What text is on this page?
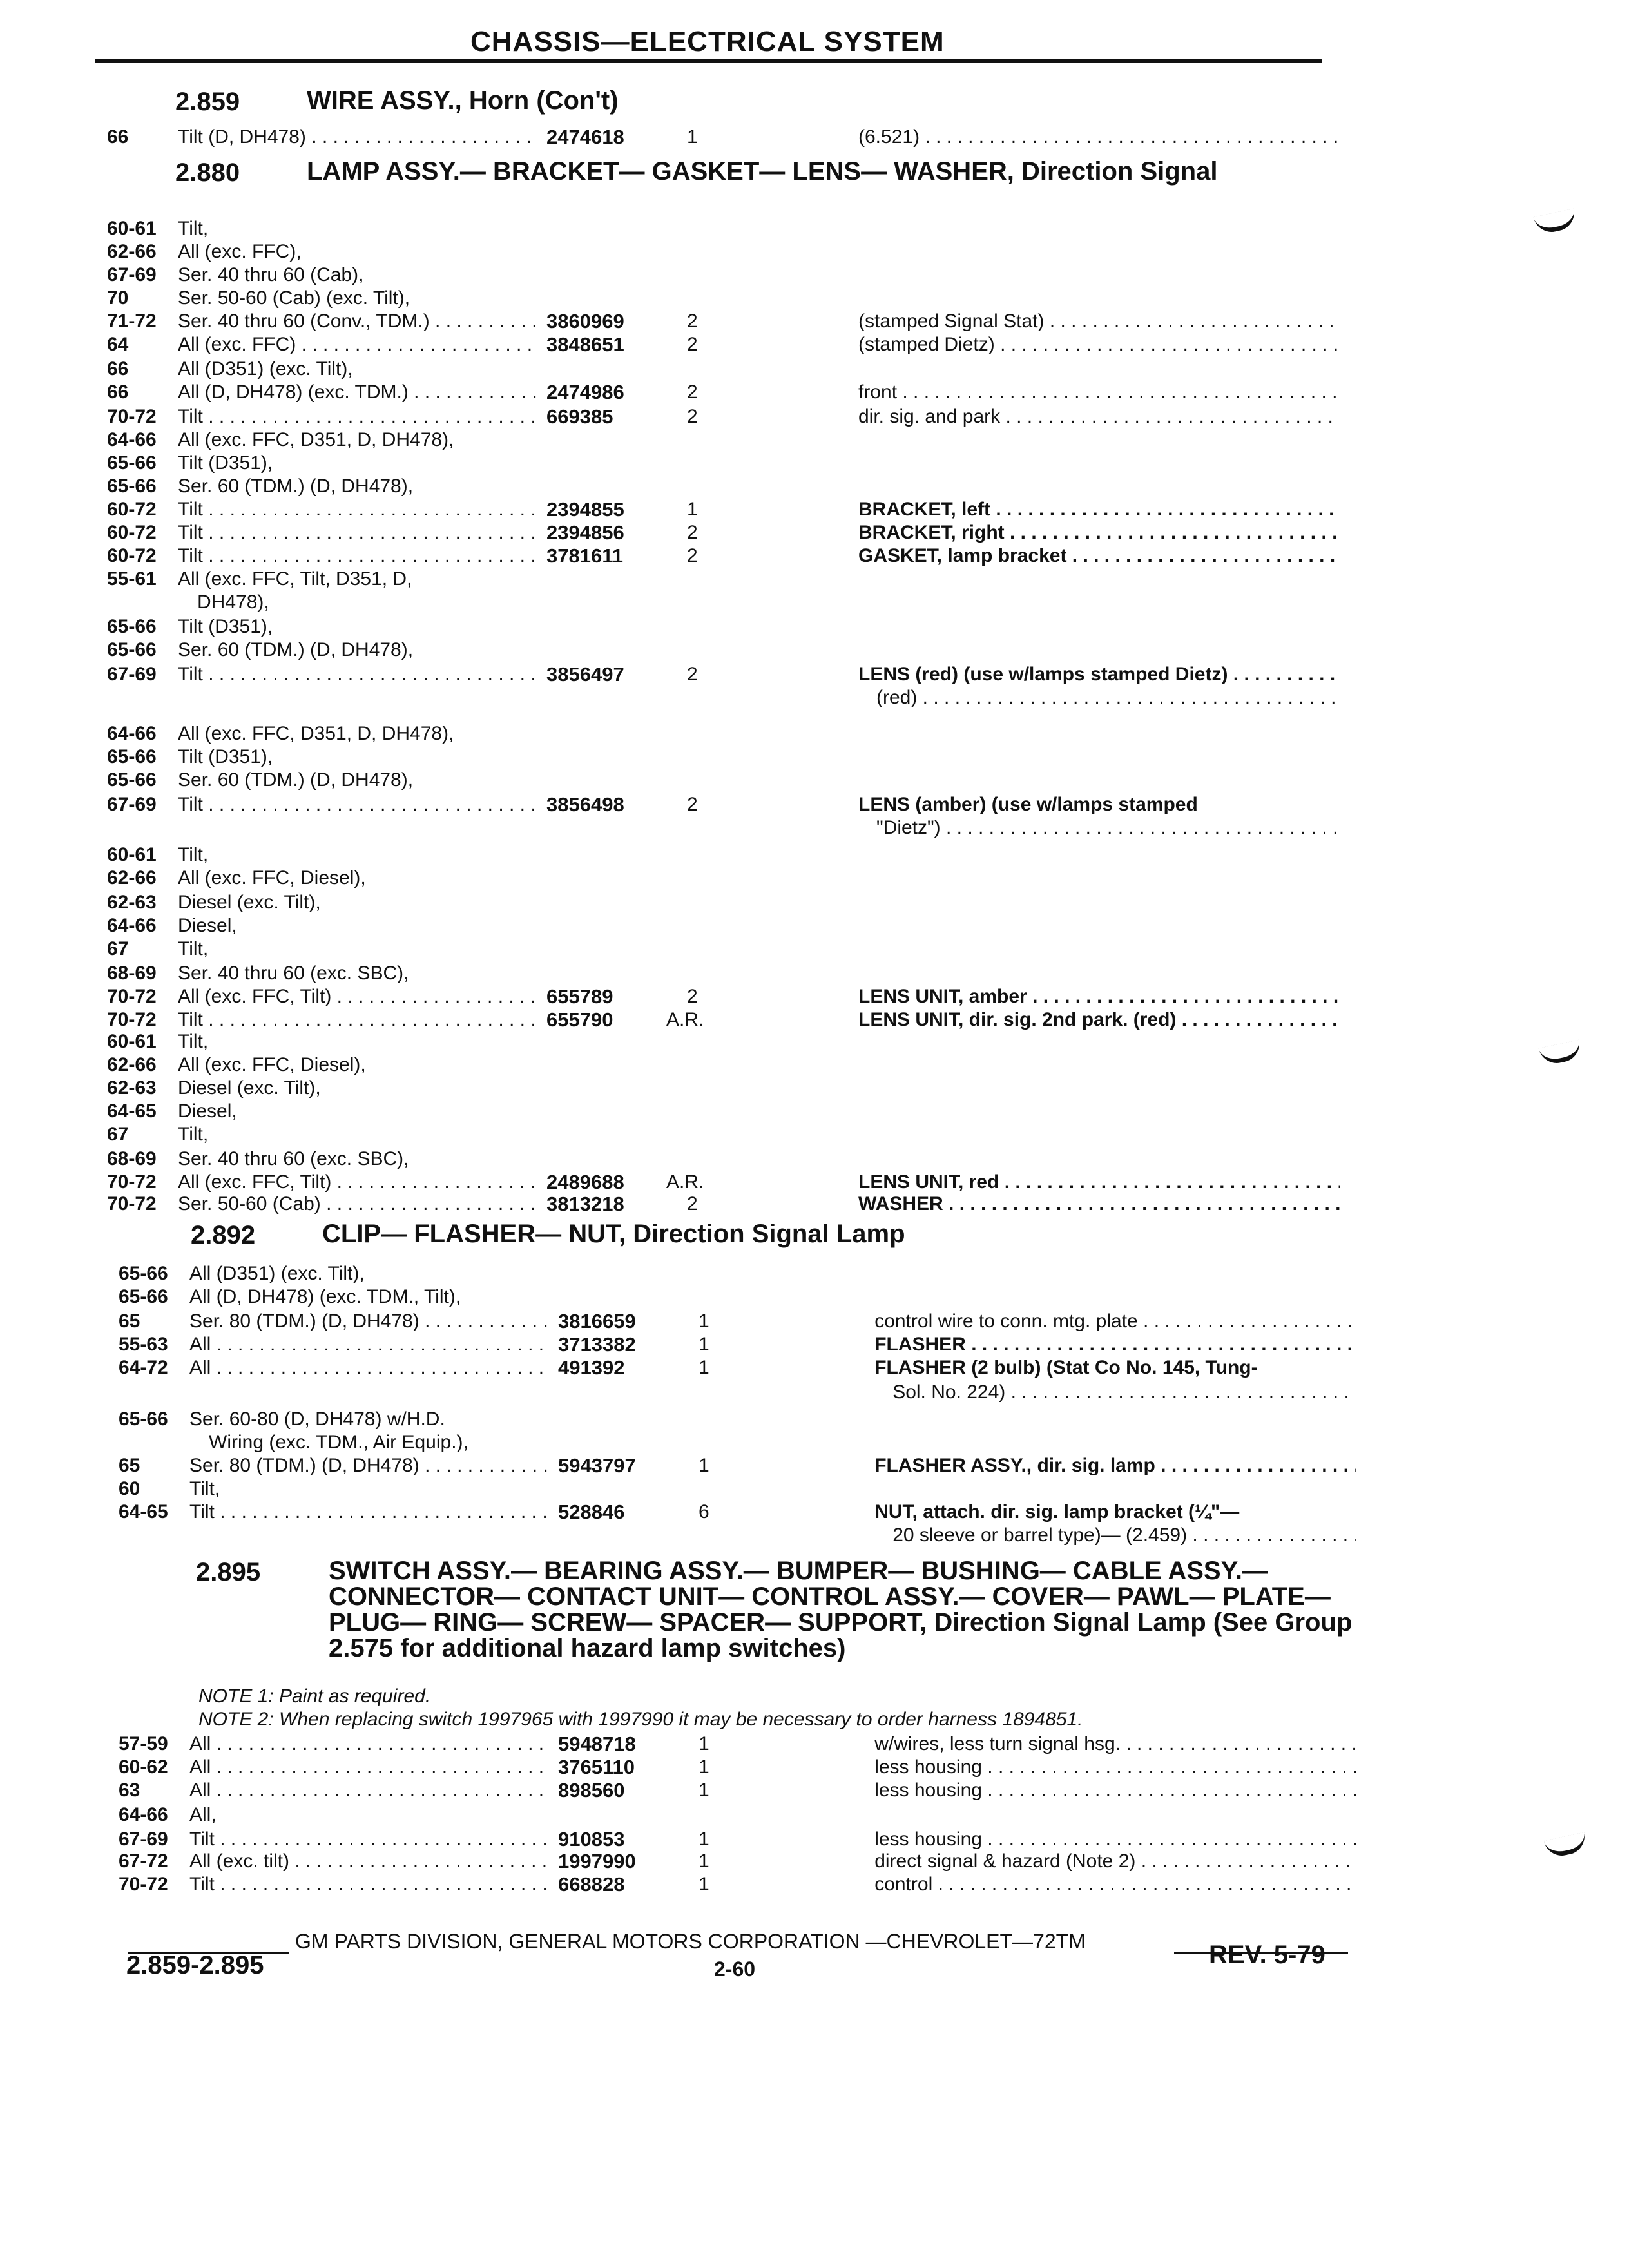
CHASSIS—ELECTRICAL SYSTEM
2.859	WIRE ASSY., Horn (Con't)
2.880	LAMP ASSY.— BRACKET— GASKET— LENS— WASHER, Direction Signal
2.892	CLIP— FLASHER— NUT, Direction Signal Lamp
2.895	SWITCH ASSY.— BEARING ASSY.— BUMPER— BUSHING— CABLE ASSY.— CONNECTOR— CONTACT UNIT— CONTROL ASSY.— COVER— PAWL— PLATE— PLUG— RING— SCREW— SPACER— SUPPORT, Direction Signal Lamp (See Group 2.575 for additional hazard lamp switches)
NOTE 1: Paint as required.
NOTE 2: When replacing switch 1997965 with 1997990 it may be necessary to order harness 1894851.
66	Tilt (D, DH478) . . .	2474618	1	(6.521) . . .
60-61	Tilt,
62-66	All (exc. FFC),
67-69	Ser. 40 thru 60 (Cab),
70	Ser. 50-60 (Cab) (exc. Tilt),
71-72	Ser. 40 thru 60 (Conv., TDM.) . . .	3860969	2	(stamped Signal Stat) . . .
64	All (exc. FFC) . . .	3848651	2	(stamped Dietz) . . .
66	All (D351) (exc. Tilt),
66	All (D, DH478) (exc. TDM.) . . .	2474986	2	front . . .
70-72	Tilt . . .	669385	2	dir. sig. and park . . .
64-66	All (exc. FFC, D351, D, DH478),
65-66	Tilt (D351),
65-66	Ser. 60 (TDM.) (D, DH478),
60-72	Tilt . . .	2394855	1	BRACKET, left . . .
60-72	Tilt . . .	2394856	2	BRACKET, right . . .
60-72	Tilt . . .	3781611	2	GASKET, lamp bracket . . .
55-61	All (exc. FFC, Tilt, D351, D,
DH478),
65-66	Tilt (D351),
65-66	Ser. 60 (TDM.) (D, DH478),
67-69	Tilt . . .	3856497	2	LENS (red) (use w/lamps stamped Dietz) . . .
(red) . . .
64-66	All (exc. FFC, D351, D, DH478),
65-66	Tilt (D351),
65-66	Ser. 60 (TDM.) (D, DH478),
67-69	Tilt . . .	3856498	2	LENS (amber) (use w/lamps stamped
"Dietz") . . .
60-61	Tilt,
62-66	All (exc. FFC, Diesel),
62-63	Diesel (exc. Tilt),
64-66	Diesel,
67	Tilt,
68-69	Ser. 40 thru 60 (exc. SBC),
70-72	All (exc. FFC, Tilt) . . .	655789	2	LENS UNIT, amber . . .
70-72	Tilt . . .	655790	A.R.	LENS UNIT, dir. sig. 2nd park. (red) . . .
60-61	Tilt,
62-66	All (exc. FFC, Diesel),
62-63	Diesel (exc. Tilt),
64-65	Diesel,
67	Tilt,
68-69	Ser. 40 thru 60 (exc. SBC),
70-72	All (exc. FFC, Tilt) . . .	2489688	A.R.	LENS UNIT, red . . .
70-72	Ser. 50-60 (Cab) . . .	3813218	2	WASHER . . .
65-66	All (D351) (exc. Tilt),
65-66	All (D, DH478) (exc. TDM., Tilt),
65	Ser. 80 (TDM.) (D, DH478) . . .	3816659	1	control wire to conn. mtg. plate . . .
55-63	All . . .	3713382	1	FLASHER . . .
64-72	All . . .	491392	1	FLASHER (2 bulb) (Stat Co No. 145, Tung-
Sol. No. 224) . . .
65-66	Ser. 60-80 (D, DH478) w/H.D.
Wiring (exc. TDM., Air Equip.),
65	Ser. 80 (TDM.) (D, DH478) . . .	5943797	1	FLASHER ASSY., dir. sig. lamp . . .
60	Tilt,
64-65	Tilt . . .	528846	6	NUT, attach. dir. sig. lamp bracket (¼"—
20 sleeve or barrel type)— (2.459) . . .
57-59	All . . .	5948718	1	w/wires, less turn signal hsg. . . .
60-62	All . . .	3765110	1	less housing . . .
63	All . . .	898560	1	less housing . . .
64-66	All,
67-69	Tilt . . .	910853	1	less housing . . .
67-72	All (exc. tilt) . . .	1997990	1	direct signal & hazard (Note 2) . . .
70-72	Tilt . . .	668828	1	control . . .
GM PARTS DIVISION, GENERAL MOTORS CORPORATION —CHEVROLET—72TM
2.859-2.895	2-60	REV. 5-79
